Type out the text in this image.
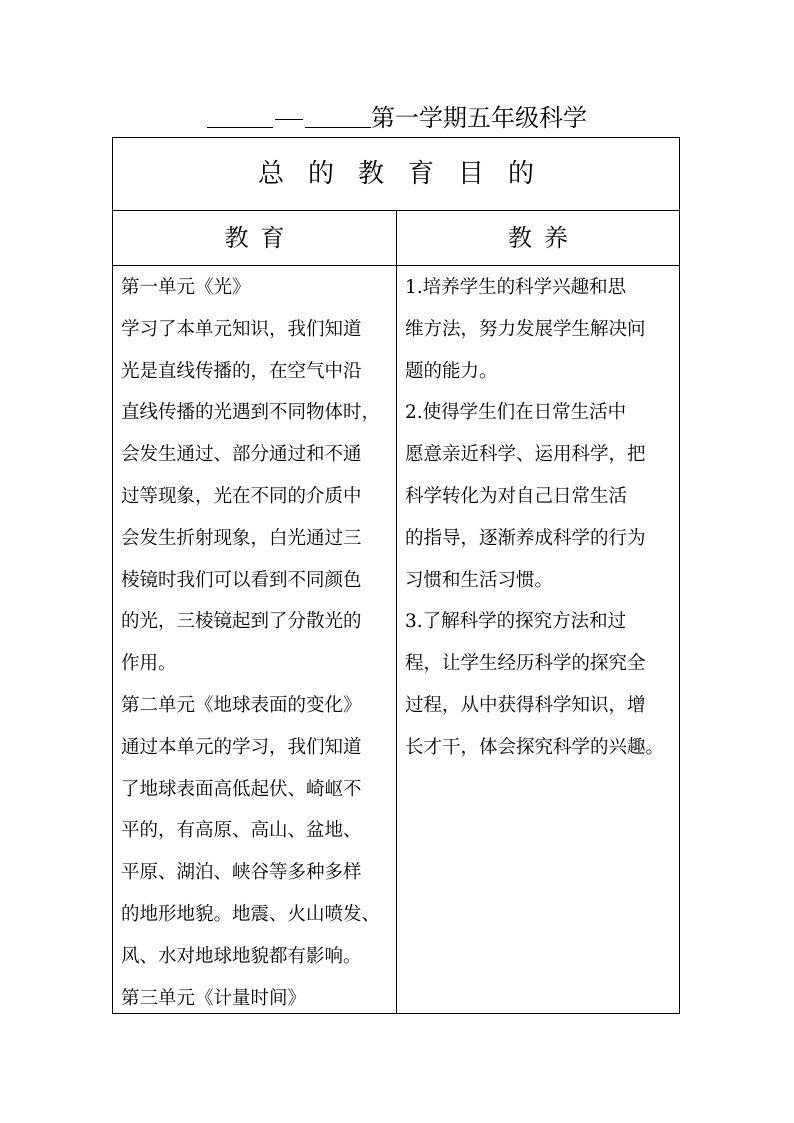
第一学期五年级科学
总的教育目的
教育	教养
第一单元《光》
学习了本单元知识，我们知道
光是直线传播的，在空气中沿
直线传播的光遇到不同物体时，
会发生通过、部分通过和不通
过等现象，光在不同的介质中
会发生折射现象，白光通过三
棱镜时我们可以看到不同颜色
的光，三棱镜起到了分散光的
作用。
第二单元《地球表面的变化》
通过本单元的学习，我们知道
了地球表面高低起伏、崎岖不
平的，有高原、高山、盆地、
平原、湖泊、峡谷等多种多样
的地形地貌。地震、火山喷发、
风、水对地球地貌都有影响。
第三单元《计量时间》
1.培养学生的科学兴趣和思
维方法，努力发展学生解决问
题的能力。
2.使得学生们在日常生活中
愿意亲近科学、运用科学，把
科学转化为对自己日常生活
的指导，逐渐养成科学的行为
习惯和生活习惯。
3.了解科学的探究方法和过
程，让学生经历科学的探究全
过程，从中获得科学知识，增
长才干，体会探究科学的兴趣。
